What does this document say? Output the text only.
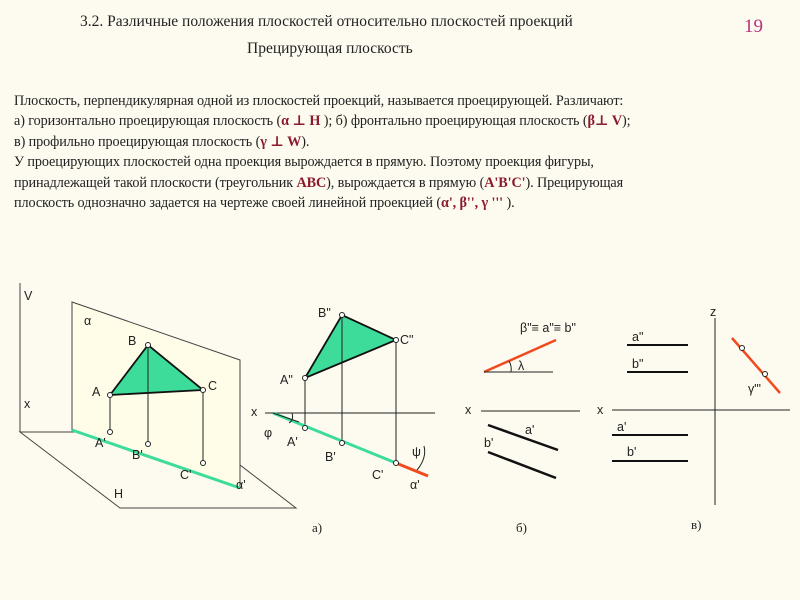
3.2. Различные положения плоскостей относительно плоскостей проекций
Прецирующая плоскость
19
Плоскость, перпендикулярная одной из плоскостей проекций, называется проецирующей. Различают:
а) горизонтально проецирующая плоскость (α ⊥ H ); б) фронтально проецирующая плоскость (β⊥ V);
в) профильно проецирующая плоскость (γ ⊥ W).
У проецирующих плоскостей одна проекция вырождается в прямую. Поэтому проекция фигуры,
принадлежащей такой плоскости (треугольник АВС), вырождается в прямую (A'B'C'). Прецирующая
плоскость однозначно задается на чертеже своей линейной проекцией (α', β'', γ ''' ).
V
α
B
A	C
x
A'
B'
C'
α'
H
B"
C"
A"
x
φ
A'
B'
C'
ψ
α'
а)
β"≡ a"≡ b"
λ
x
a'
b'
б)
z
a"
b"
x
a'
b'
γ"'
в)
